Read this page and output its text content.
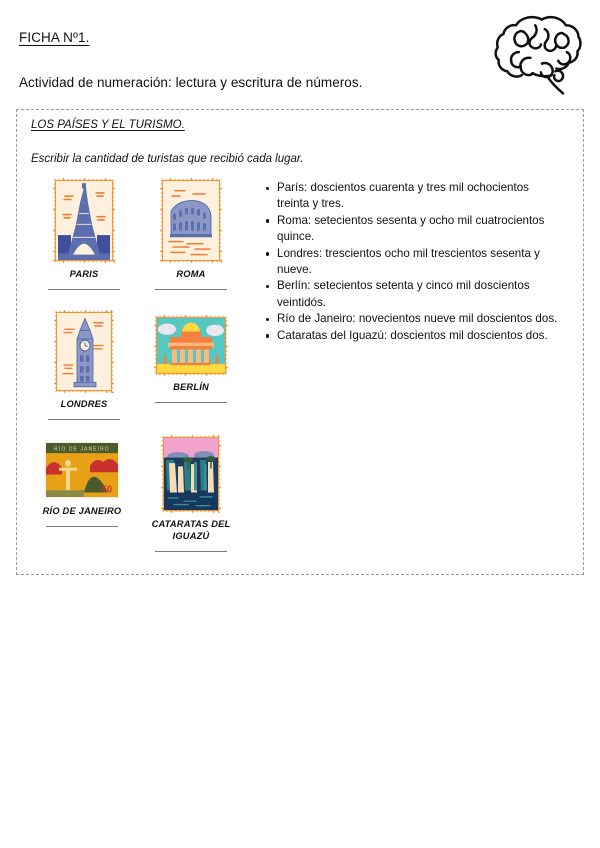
FICHA Nº1.
Actividad de numeración: lectura y escritura de números.
LOS PAÍSES Y EL TURISMO.
Escribir la cantidad de turistas que recibió cada lugar.
PARIS	ROMA
LONDRES
BERLÍN
RIO DE JANEIRO
50
RÍO DE JANEIRO
CATARATAS DEL IGUAZÚ
París: doscientos cuarenta y tres mil ochocientos treinta y tres.
Roma: setecientos sesenta y ocho mil cuatrocientos quince.
Londres: trescientos ocho mil trescientos sesenta y nueve.
Berlín: setecientos setenta y cinco mil doscientos veintidós.
Río de Janeiro: novecientos nueve mil doscientos dos.
Cataratas del Iguazú: doscientos mil doscientos dos.
